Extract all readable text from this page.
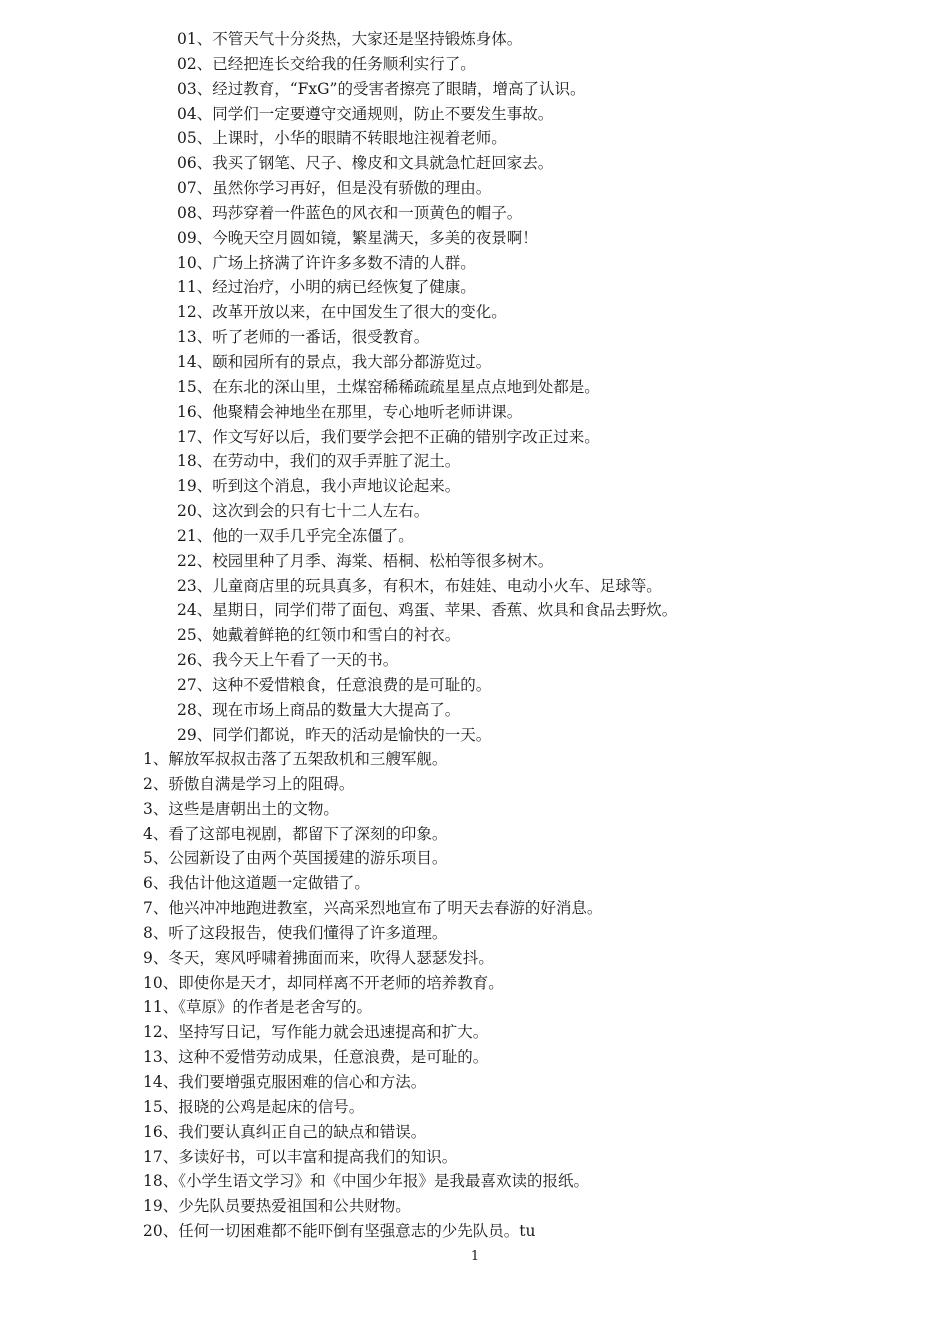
01、不管天气十分炎热，大家还是坚持锻炼身体。
02、已经把连长交给我的任务顺利实行了。
03、经过教育，“FxG”的受害者擦亮了眼睛，增高了认识。
04、同学们一定要遵守交通规则，防止不要发生事故。
05、上课时，小华的眼睛不转眼地注视着老师。
06、我买了钢笔、尺子、橡皮和文具就急忙赶回家去。
07、虽然你学习再好，但是没有骄傲的理由。
08、玛莎穿着一件蓝色的风衣和一顶黄色的帽子。
09、今晚天空月圆如镜，繁星满天，多美的夜景啊！
10、广场上挤满了许许多多数不清的人群。
11、经过治疗，小明的病已经恢复了健康。
12、改革开放以来，在中国发生了很大的变化。
13、听了老师的一番话，很受教育。
14、颐和园所有的景点，我大部分都游览过。
15、在东北的深山里，土煤窑稀稀疏疏星星点点地到处都是。
16、他聚精会神地坐在那里，专心地听老师讲课。
17、作文写好以后，我们要学会把不正确的错别字改正过来。
18、在劳动中，我们的双手弄脏了泥土。
19、听到这个消息，我小声地议论起来。
20、这次到会的只有七十二人左右。
21、他的一双手几乎完全冻僵了。
22、校园里种了月季、海棠、梧桐、松柏等很多树木。
23、儿童商店里的玩具真多，有积木，布娃娃、电动小火车、足球等。
24、星期日，同学们带了面包、鸡蛋、苹果、香蕉、炊具和食品去野炊。
25、她戴着鲜艳的红领巾和雪白的衬衣。
26、我今天上午看了一天的书。
27、这种不爱惜粮食，任意浪费的是可耻的。
28、现在市场上商品的数量大大提高了。
29、同学们都说，昨天的活动是愉快的一天。
1、解放军叔叔击落了五架敌机和三艘军舰。
2、骄傲自满是学习上的阻碍。
3、这些是唐朝出土的文物。
4、看了这部电视剧，都留下了深刻的印象。
5、公园新设了由两个英国援建的游乐项目。
6、我估计他这道题一定做错了。
7、他兴冲冲地跑进教室，兴高采烈地宣布了明天去春游的好消息。
8、听了这段报告，使我们懂得了许多道理。
9、冬天，寒风呼啸着拂面而来，吹得人瑟瑟发抖。
10、即使你是天才，却同样离不开老师的培养教育。
11、《草原》的作者是老舍写的。
12、坚持写日记，写作能力就会迅速提高和扩大。
13、这种不爱惜劳动成果，任意浪费，是可耻的。
14、我们要增强克服困难的信心和方法。
15、报晓的公鸡是起床的信号。
16、我们要认真纠正自己的缺点和错误。
17、多读好书，可以丰富和提高我们的知识。
18、《小学生语文学习》和《中国少年报》是我最喜欢读的报纸。
19、少先队员要热爱祖国和公共财物。
20、任何一切困难都不能吓倒有坚强意志的少先队员。tu
1
